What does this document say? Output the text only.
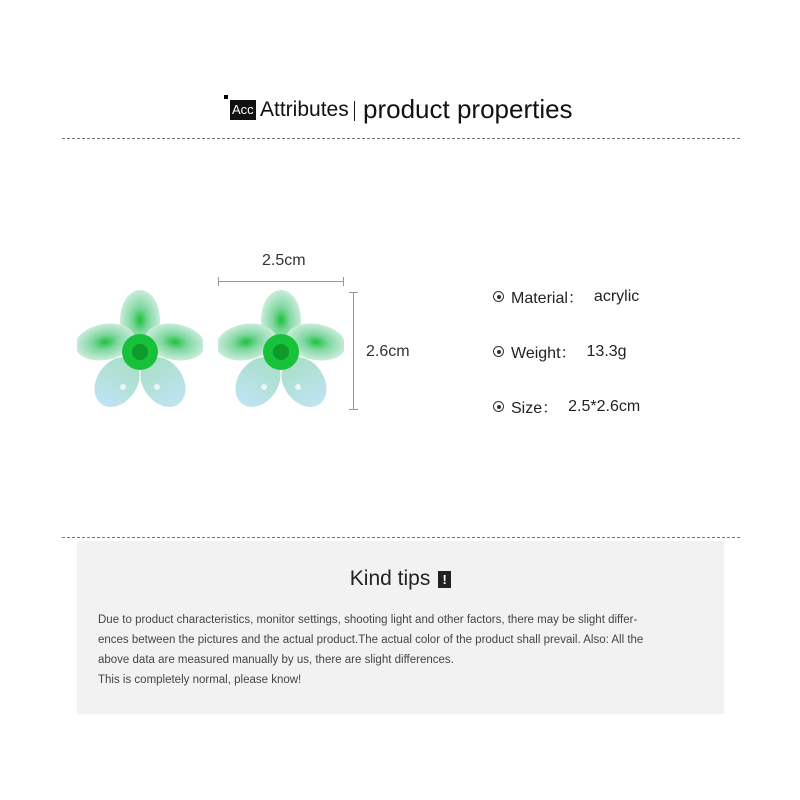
Acc Attributes product properties
2.5cm
2.6cm
Material： acrylic
Weight： 13.3g
Size： 2.5*2.6cm
Kind tips !

Due to product characteristics, monitor settings, shooting light and other factors, there may be slight differ-

ences between the pictures and the actual product.The actual color of the product shall prevail. Also: All the

above data are measured manually by us, there are slight differences.

This is completely normal, please know!
